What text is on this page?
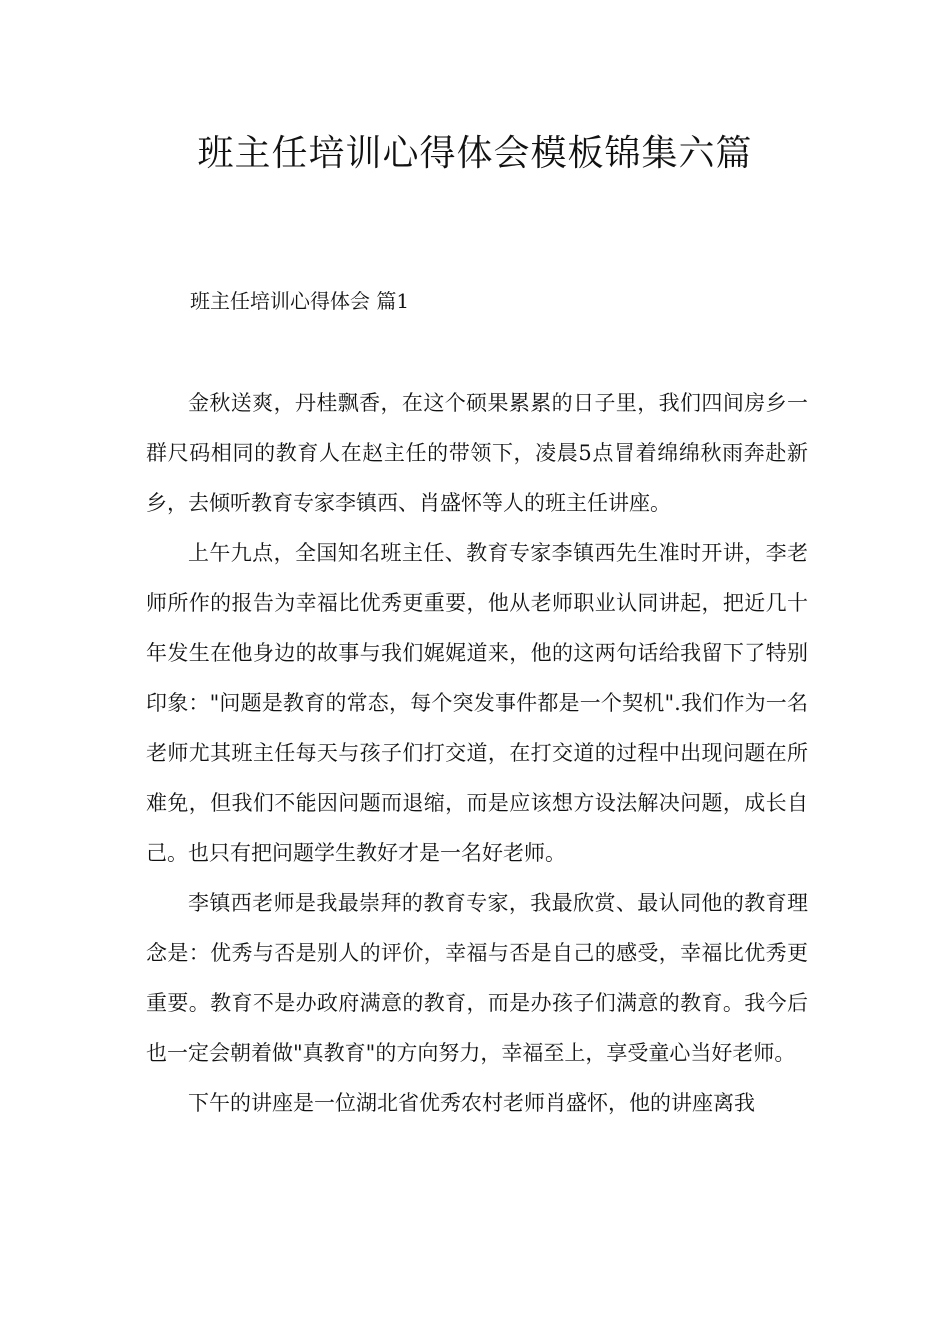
班主任培训心得体会模板锦集六篇
班主任培训心得体会 篇1

金秋送爽，丹桂飘香，在这个硕果累累的日子里，我们四间房乡一群尺码相同的教育人在赵主任的带领下，凌晨5点冒着绵绵秋雨奔赴新乡，去倾听教育专家李镇西、肖盛怀等人的班主任讲座。

上午九点，全国知名班主任、教育专家李镇西先生准时开讲，李老师所作的报告为幸福比优秀更重要，他从老师职业认同讲起，把近几十年发生在他身边的故事与我们娓娓道来，他的这两句话给我留下了特别印象："问题是教育的常态，每个突发事件都是一个契机".我们作为一名老师尤其班主任每天与孩子们打交道，在打交道的过程中出现问题在所难免，但我们不能因问题而退缩，而是应该想方设法解决问题，成长自己。也只有把问题学生教好才是一名好老师。

李镇西老师是我最崇拜的教育专家，我最欣赏、最认同他的教育理念是：优秀与否是别人的评价，幸福与否是自己的感受，幸福比优秀更重要。教育不是办政府满意的教育，而是办孩子们满意的教育。我今后也一定会朝着做"真教育"的方向努力，幸福至上，享受童心当好老师。

下午的讲座是一位湖北省优秀农村老师肖盛怀，他的讲座离我
